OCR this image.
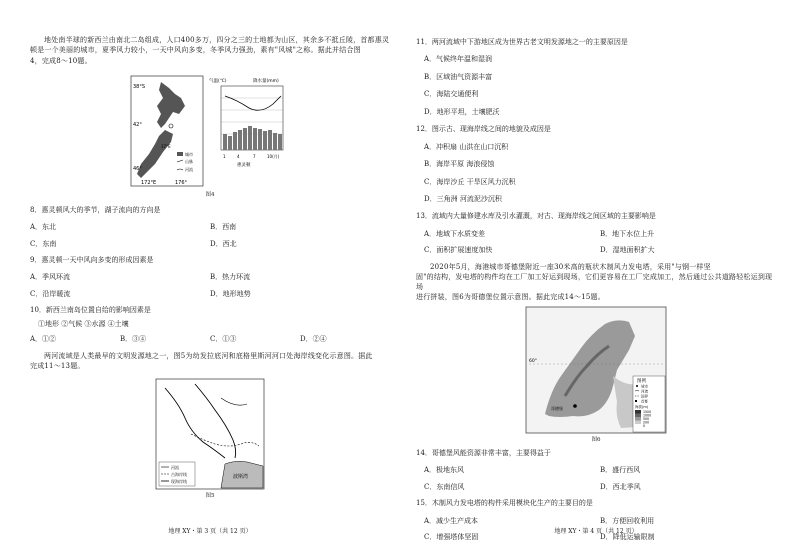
地处南半球的新西兰由南北二岛组成，人口400多万，四分之三的土地都为山区，其余多不抵丘陵，首都惠灵
顿是一个美丽的城市，夏季风力较小，一天中风向多变，冬季风力强劲，素有"风城"之称。据此并结合图
4，完成8～10题。
38°S
42°
46°
172°E	176°
37°E
城市
山脉
河流
气温(℃)	降水量(mm)
1	4	7	10(月)
惠灵顿
图4
8．惠灵顿风大的季节，湖子流向的方向是
A．东北	B．西南
C．东南	D．西北
9．惠灵顿一天中风向多变的形成因素是
A．季风环流	B．热力环流
C．沿岸暖流	D．地形地势
10．新西兰南岛位置自给的影响因素是
①地形 ②气候 ③水源 ④土壤
A．①②	B．③④	C．①③	D．②④
两河流域是人类最早的文明发源地之一，图5为幼发拉底河和底格里斯河河口处海岸线变化示意图。据此
完成11～13题。
波斯湾
河流
古海岸线
现海岸线
图5
地理 XY・第 3 页（共 12 页）
11．两河流域中下游地区成为世界古老文明发源地之一的主要原因是
A．气候终年温和湿润
B．区域油气资源丰富
C．海陆交通便利
D．地形平坦，土壤肥沃
12．图示古、现海岸线之间的地貌及成因是
A．冲积扇 山洪在山口沉积
B．海岸平原 海浪侵蚀
C．海岸沙丘 干旱区风力沉积
D．三角洲 河流泥沙沉积
13．流域内大量修建水库及引水灌溉，对古、现海岸线之间区域的主要影响是
A．地域下水质变差	B．地下水位上升
C．面积扩展速度加快	D．湿地面积扩大
2020年5月，海港城市哥德堡附近一座30米高的瓶状木制风力发电塔，采用"与钢一样坚
固"的结构，发电塔的构件均在工厂加工好运到现场，它们更容易在工厂完成加工，然后通过公共道路轻松运到现场
进行拼装，图6为哥德堡位置示意图。据此完成14～15题。
60°
哥德堡
图例
城市
河流
国界
首都
海拔(m)
1500
1000
500
200
0
图6
14．哥德堡风能资源非常丰富，主要得益于
A．极地东风	B．盛行西风
C．东南信风	D．西北季风
15．木制风力发电塔的构件采用模块化生产的主要目的是
A．减少生产成本	B．方便回收利用
C．增强塔体坚固	D．降低运输限制
地理 XY・第 4 页（共 12 页）
